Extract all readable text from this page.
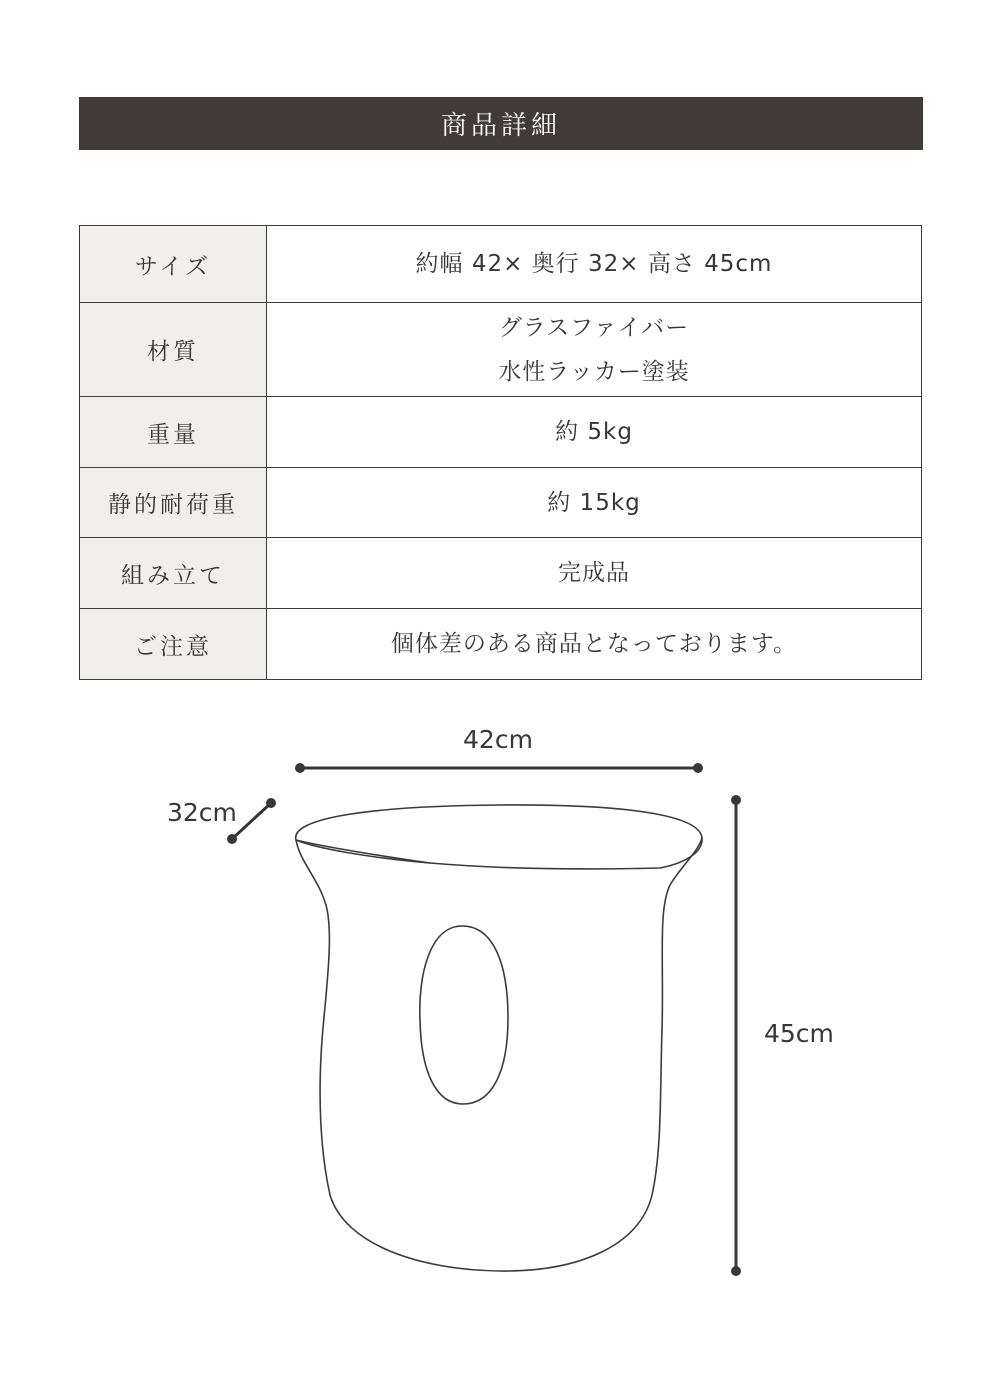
商品詳細
サイズ	約幅 42× 奥行 32× 高さ 45cm

材質	グラスファイバー
水性ラッカー塗装

重量	約 5kg

静的耐荷重	約 15kg

組み立て	完成品

ご注意	個体差のある商品となっております。
42cm
32cm
45cm
